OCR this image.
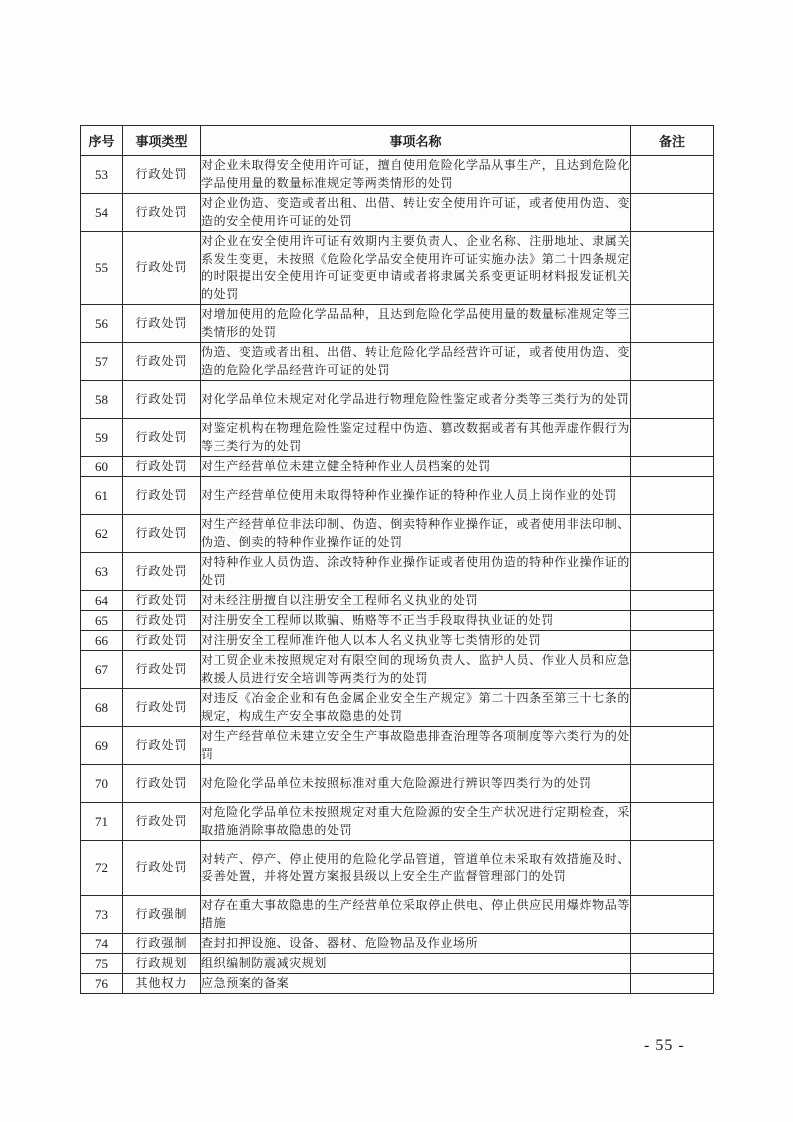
序号	事项类型	事项名称	备注
53	行政处罚	对企业未取得安全使用许可证，擅自使用危险化学品从事生产，且达到危险化学品使用量的数量标准规定等两类情形的处罚	
54	行政处罚	对企业伪造、变造或者出租、出借、转让安全使用许可证，或者使用伪造、变造的安全使用许可证的处罚	
55	行政处罚	对企业在安全使用许可证有效期内主要负责人、企业名称、注册地址、隶属关系发生变更，未按照《危险化学品安全使用许可证实施办法》第二十四条规定的时限提出安全使用许可证变更申请或者将隶属关系变更证明材料报发证机关的处罚	
56	行政处罚	对增加使用的危险化学品品种，且达到危险化学品使用量的数量标准规定等三类情形的处罚	
57	行政处罚	伪造、变造或者出租、出借、转让危险化学品经营许可证，或者使用伪造、变造的危险化学品经营许可证的处罚	
58	行政处罚	对化学品单位未规定对化学品进行物理危险性鉴定或者分类等三类行为的处罚	
59	行政处罚	对鉴定机构在物理危险性鉴定过程中伪造、篡改数据或者有其他弄虚作假行为等三类行为的处罚	
60	行政处罚	对生产经营单位未建立健全特种作业人员档案的处罚	
61	行政处罚	对生产经营单位使用未取得特种作业操作证的特种作业人员上岗作业的处罚	
62	行政处罚	对生产经营单位非法印制、伪造、倒卖特种作业操作证，或者使用非法印制、伪造、倒卖的特种作业操作证的处罚	
63	行政处罚	对特种作业人员伪造、涂改特种作业操作证或者使用伪造的特种作业操作证的处罚	
64	行政处罚	对未经注册擅自以注册安全工程师名义执业的处罚	
65	行政处罚	对注册安全工程师以欺骗、贿赂等不正当手段取得执业证的处罚	
66	行政处罚	对注册安全工程师准许他人以本人名义执业等七类情形的处罚	
67	行政处罚	对工贸企业未按照规定对有限空间的现场负责人、监护人员、作业人员和应急救援人员进行安全培训等两类行为的处罚	
68	行政处罚	对违反《冶金企业和有色金属企业安全生产规定》第二十四条至第三十七条的规定，构成生产安全事故隐患的处罚	
69	行政处罚	对生产经营单位未建立安全生产事故隐患排查治理等各项制度等六类行为的处罚	
70	行政处罚	对危险化学品单位未按照标准对重大危险源进行辨识等四类行为的处罚	
71	行政处罚	对危险化学品单位未按照规定对重大危险源的安全生产状况进行定期检查，采取措施消除事故隐患的处罚	
72	行政处罚	对转产、停产、停止使用的危险化学品管道，管道单位未采取有效措施及时、妥善处置，并将处置方案报县级以上安全生产监督管理部门的处罚	
73	行政强制	对存在重大事故隐患的生产经营单位采取停止供电、停止供应民用爆炸物品等措施	
74	行政强制	查封扣押设施、设备、器材、危险物品及作业场所	
75	行政规划	组织编制防震减灾规划	
76	其他权力	应急预案的备案	
- 55 -
